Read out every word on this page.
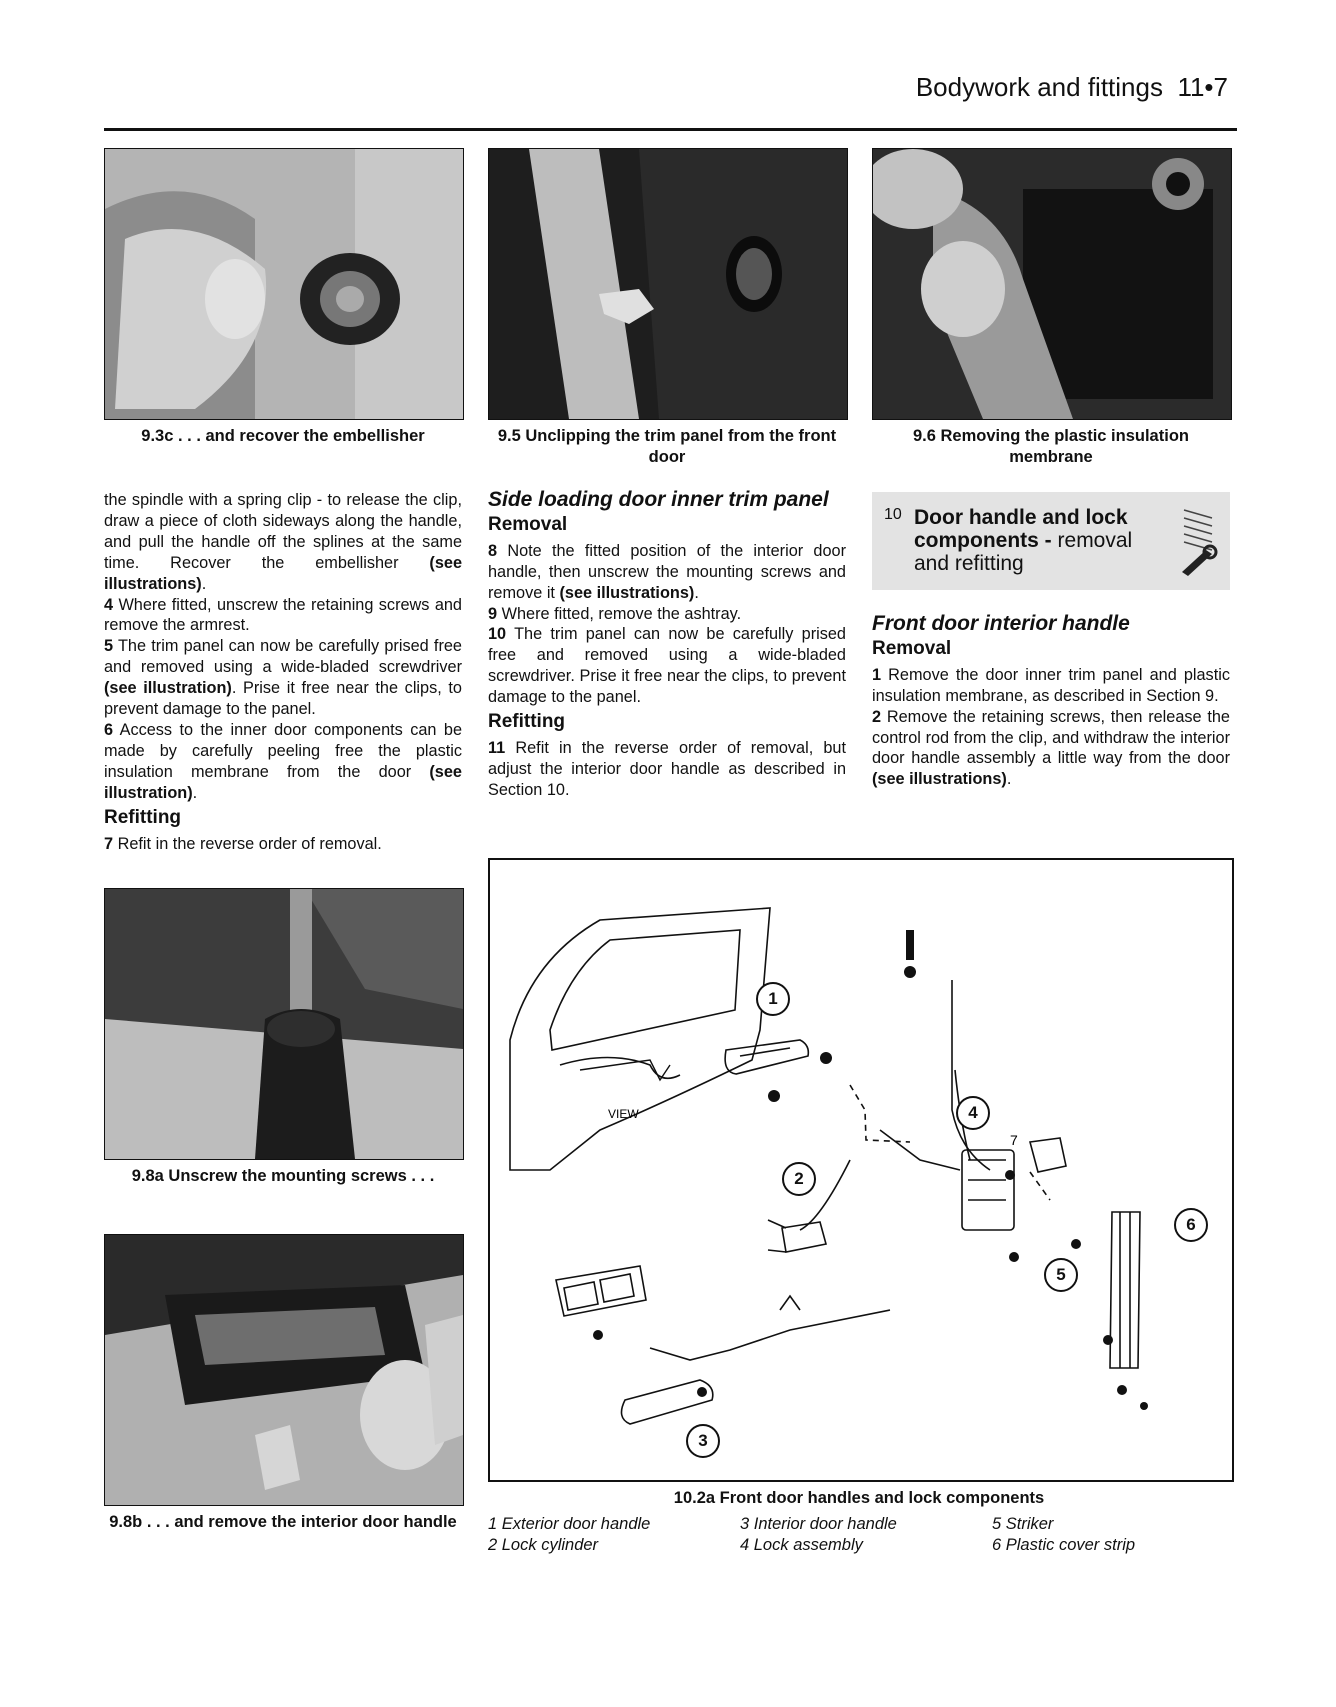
Bodywork and fittings 11•7
9.3c . . . and recover the embellisher	9.5 Unclipping the trim panel from the front door
9.6 Removing the plastic insulation membrane

the spindle with a spring clip - to release the clip, draw a piece of cloth sideways along the handle, and pull the handle off the splines at the same time. Recover the embellisher (see illustrations).

4 Where fitted, unscrew the retaining screws and remove the armrest.

5 The trim panel can now be carefully prised free and removed using a wide-bladed screwdriver (see illustration). Prise it free near the clips, to prevent damage to the panel.

6 Access to the inner door components can be made by carefully peeling free the plastic insulation membrane from the door (see illustration).

Refitting

7 Refit in the reverse order of removal.

Side loading door inner trim panel
Removal

8 Note the fitted position of the interior door handle, then unscrew the mounting screws and remove it (see illustrations).

9 Where fitted, remove the ashtray.

10 The trim panel can now be carefully prised free and removed using a wide-bladed screwdriver. Prise it free near the clips, to prevent damage to the panel.

Refitting

11 Refit in the reverse order of removal, but adjust the interior door handle as described in Section 10.

10 Door handle and lock components - removal and refitting
Front door interior handle
Removal

1 Remove the door inner trim panel and plastic insulation membrane, as described in Section 9.

2 Remove the retaining screws, then release the control rod from the clip, and withdraw the interior door handle assembly a little way from the door (see illustrations).

9.8a Unscrew the mounting screws . . .
9.8b . . . and remove the interior door handle
VIEW
7
1
2
3
4
5
6
10.2a Front door handles and lock components
1 Exterior door handle
2 Lock cylinder
3 Interior door handle
4 Lock assembly
5 Striker
6 Plastic cover strip
